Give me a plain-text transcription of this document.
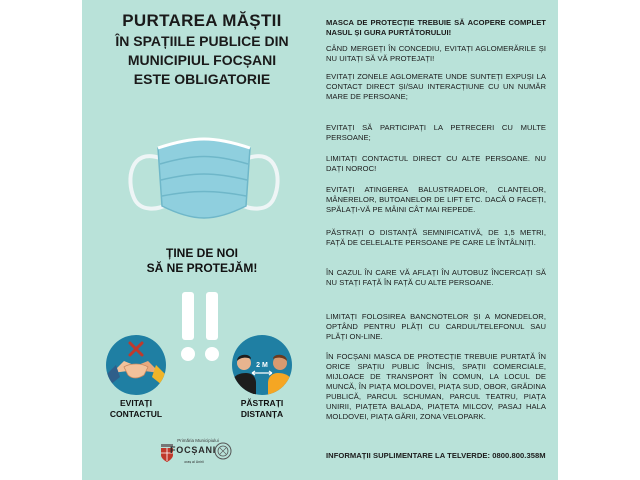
PURTAREA MĂȘTII
ÎN SPAȚIILE PUBLICE DIN
MUNICIPIUL FOCȘANI
ESTE OBLIGATORIE
ȚINE DE NOI
SĂ NE PROTEJĂM!
EVITAȚI
CONTACTUL
2 M
PĂSTRAȚI
DISTANȚA
Primăria Municipiului
FOCȘANI
oraș al Unirii

MASCA DE PROTECȚIE TREBUIE SĂ ACOPERE COMPLET NASUL ȘI GURA PURTĂTORULUI!

CÂND MERGEȚI ÎN CONCEDIU, EVITAȚI AGLOMERĂRILE ȘI NU UITAȚI SĂ VĂ PROTEJAȚI!

EVITAȚI ZONELE AGLOMERATE UNDE SUNTEȚI EXPUȘI LA CONTACT DIRECT ȘI/SAU INTERACȚIUNE CU UN NUMĂR MARE DE PERSOANE;

EVITAȚI SĂ PARTICIPAȚI LA PETRECERI CU MULTE PERSOANE;

LIMITAȚI CONTACTUL DIRECT CU ALTE PERSOANE. NU DAȚI NOROC!

EVITAȚI ATINGEREA BALUSTRADELOR, CLANȚELOR, MÂNERELOR, BUTOANELOR DE LIFT ETC. DACĂ O FACEȚI, SPĂLAȚI-VĂ PE MÂINI CÂT MAI REPEDE.

PĂSTRAȚI O DISTANȚĂ SEMNIFICATIVĂ, DE 1,5 METRI, FAȚĂ DE CELELALTE PERSOANE PE CARE LE ÎNTÂLNIȚI.

ÎN CAZUL ÎN CARE VĂ AFLAȚI ÎN AUTOBUZ ÎNCERCAȚI SĂ NU STAȚI FAȚĂ ÎN FAȚĂ CU ALTE PERSOANE.

LIMITAȚI FOLOSIREA BANCNOTELOR ȘI A MONEDELOR, OPTÂND PENTRU PLĂȚI CU CARDUL/TELEFONUL SAU PLĂȚI ON-LINE.

ÎN FOCȘANI MASCA DE PROTECȚIE TREBUIE PURTATĂ ÎN ORICE SPAȚIU PUBLIC ÎNCHIS, SPAȚII COMERCIALE, MIJLOACE DE TRANSPORT ÎN COMUN, LA LOCUL DE MUNCĂ, ÎN PIAȚA MOLDOVEI, PIAȚA SUD, OBOR, GRĂDINA PUBLICĂ, PARCUL SCHUMAN, PARCUL TEATRU, PIAȚA UNIRII, PIAȚETA BALADA, PIAȚETA MILCOV, PASAJ HALA MOLDOVEI, PIAȚA GĂRII, ZONA VELOPARK.

INFORMAȚII SUPLIMENTARE LA TELVERDE: 0800.800.358M
